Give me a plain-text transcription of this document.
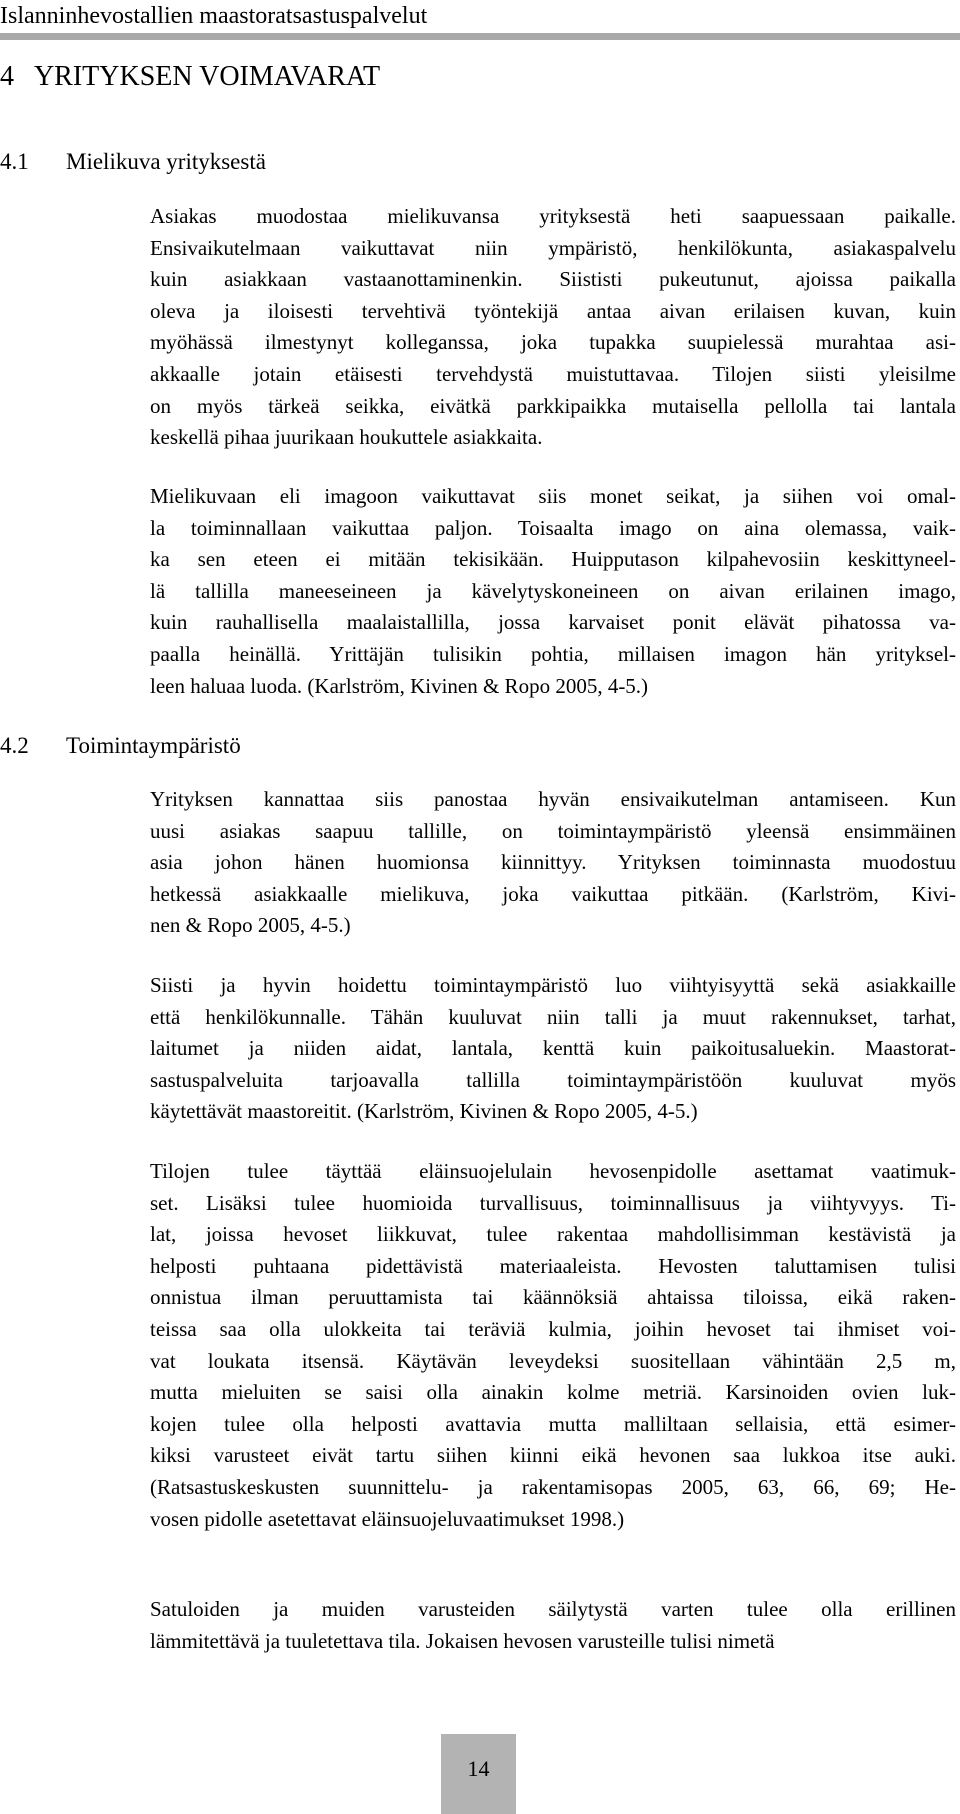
Islanninhevostallien maastoratsastuspalvelut
4   YRITYKSEN VOIMAVARAT
4.1 Mielikuva yrityksestä

Asiakas muodostaa mielikuvansa yrityksestä heti saapuessaan paikalle.
Ensivaikutelmaan vaikuttavat niin ympäristö, henkilökunta, asiakaspalvelu
kuin asiakkaan vastaanottaminenkin. Siististi pukeutunut, ajoissa paikalla
oleva ja iloisesti tervehtivä työntekijä antaa aivan erilaisen kuvan, kuin
myöhässä ilmestynyt kolleganssa, joka tupakka suupielessä murahtaa asi-
akkaalle jotain etäisesti tervehdystä muistuttavaa. Tilojen siisti yleisilme
on myös tärkeä seikka, eivätkä parkkipaikka mutaisella pellolla tai lantala
keskellä pihaa juurikaan houkuttele asiakkaita.

Mielikuvaan eli imagoon vaikuttavat siis monet seikat, ja siihen voi omal-
la toiminnallaan vaikuttaa paljon. Toisaalta imago on aina olemassa, vaik-
ka sen eteen ei mitään tekisikään. Huipputason kilpahevosiin keskittyneel-
lä tallilla maneeseineen ja kävelytyskoneineen on aivan erilainen imago,
kuin rauhallisella maalaistallilla, jossa karvaiset ponit elävät pihatossa va-
paalla heinällä. Yrittäjän tulisikin pohtia, millaisen imagon hän yrityksel-
leen haluaa luoda. (Karlström, Kivinen & Ropo 2005, 4-5.)

4.2 Toimintaympäristö

Yrityksen kannattaa siis panostaa hyvän ensivaikutelman antamiseen. Kun
uusi asiakas saapuu tallille, on toimintaympäristö yleensä ensimmäinen
asia johon hänen huomionsa kiinnittyy. Yrityksen toiminnasta muodostuu
hetkessä asiakkaalle mielikuva, joka vaikuttaa pitkään. (Karlström, Kivi-
nen & Ropo 2005, 4-5.)

Siisti ja hyvin hoidettu toimintaympäristö luo viihtyisyyttä sekä asiakkaille
että henkilökunnalle. Tähän kuuluvat niin talli ja muut rakennukset, tarhat,
laitumet ja niiden aidat, lantala, kenttä kuin paikoitusaluekin. Maastorat-
sastuspalveluita tarjoavalla tallilla toimintaympäristöön kuuluvat myös
käytettävät maastoreitit. (Karlström, Kivinen & Ropo 2005, 4-5.)

Tilojen tulee täyttää eläinsuojelulain hevosenpidolle asettamat vaatimuk-
set. Lisäksi tulee huomioida turvallisuus, toiminnallisuus ja viihtyvyys. Ti-
lat, joissa hevoset liikkuvat, tulee rakentaa mahdollisimman kestävistä ja
helposti puhtaana pidettävistä materiaaleista. Hevosten taluttamisen tulisi
onnistua ilman peruuttamista tai käännöksiä ahtaissa tiloissa, eikä raken-
teissa saa olla ulokkeita tai teräviä kulmia, joihin hevoset tai ihmiset voi-
vat loukata itsensä. Käytävän leveydeksi suositellaan vähintään 2,5 m,
mutta mieluiten se saisi olla ainakin kolme metriä. Karsinoiden ovien luk-
kojen tulee olla helposti avattavia mutta malliltaan sellaisia, että esimer-
kiksi varusteet eivät tartu siihen kiinni eikä hevonen saa lukkoa itse auki.
(Ratsastuskeskusten suunnittelu- ja rakentamisopas 2005, 63, 66, 69; He-
vosen pidolle asetettavat eläinsuojeluvaatimukset 1998.)

Satuloiden ja muiden varusteiden säilytystä varten tulee olla erillinen
lämmitettävä ja tuuletettava tila. Jokaisen hevosen varusteille tulisi nimetä

14
